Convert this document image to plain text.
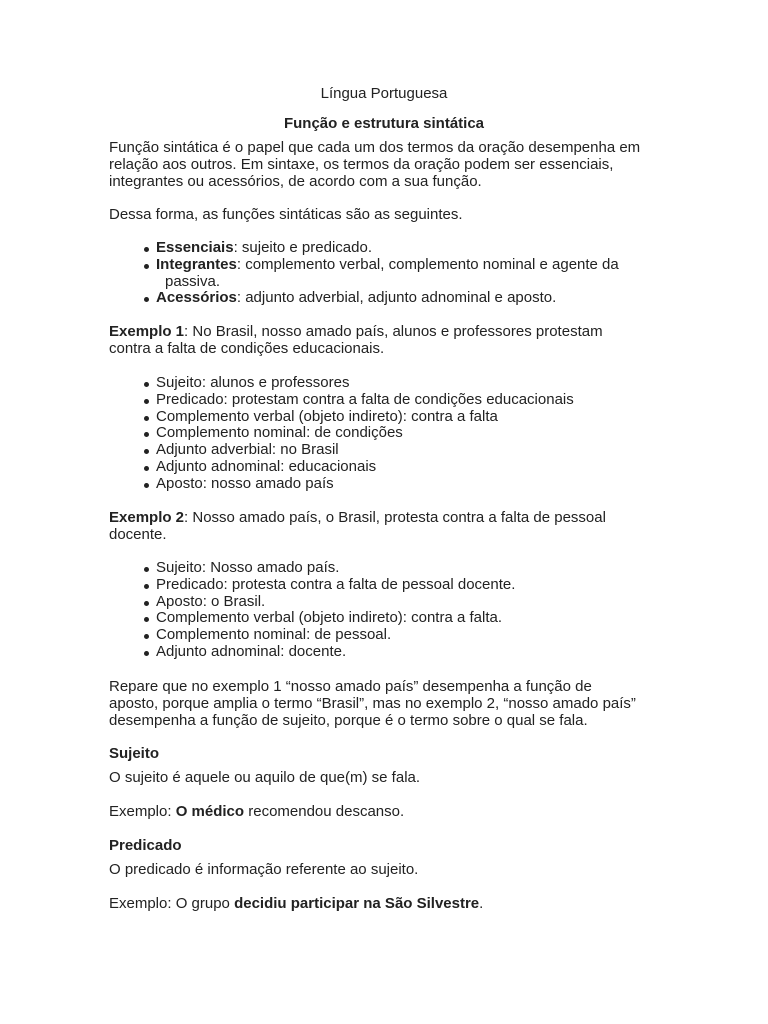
Língua Portuguesa

Função e estrutura sintática

Função sintática é o papel que cada um dos termos da oração desempenha em
relação aos outros. Em sintaxe, os termos da oração podem ser essenciais,
integrantes ou acessórios, de acordo com a sua função.

Dessa forma, as funções sintáticas são as seguintes.

Essenciais: sujeito e predicado.
Integrantes: complemento verbal, complemento nominal e agente da
passiva.
Acessórios: adjunto adverbial, adjunto adnominal e aposto.
Exemplo 1: No Brasil, nosso amado país, alunos e professores protestam
contra a falta de condições educacionais.
Sujeito: alunos e professores
Predicado: protestam contra a falta de condições educacionais
Complemento verbal (objeto indireto): contra a falta
Complemento nominal: de condições
Adjunto adverbial: no Brasil
Adjunto adnominal: educacionais
Aposto: nosso amado país
Exemplo 2: Nosso amado país, o Brasil, protesta contra a falta de pessoal
docente.
Sujeito: Nosso amado país.
Predicado: protesta contra a falta de pessoal docente.
Aposto: o Brasil.
Complemento verbal (objeto indireto): contra a falta.
Complemento nominal: de pessoal.
Adjunto adnominal: docente.
Repare que no exemplo 1 “nosso amado país” desempenha a função de
aposto, porque amplia o termo “Brasil”, mas no exemplo 2, “nosso amado país”
desempenha a função de sujeito, porque é o termo sobre o qual se fala.

Sujeito

O sujeito é aquele ou aquilo de que(m) se fala.

Exemplo: O médico recomendou descanso.

Predicado

O predicado é informação referente ao sujeito.

Exemplo: O grupo decidiu participar na São Silvestre.
